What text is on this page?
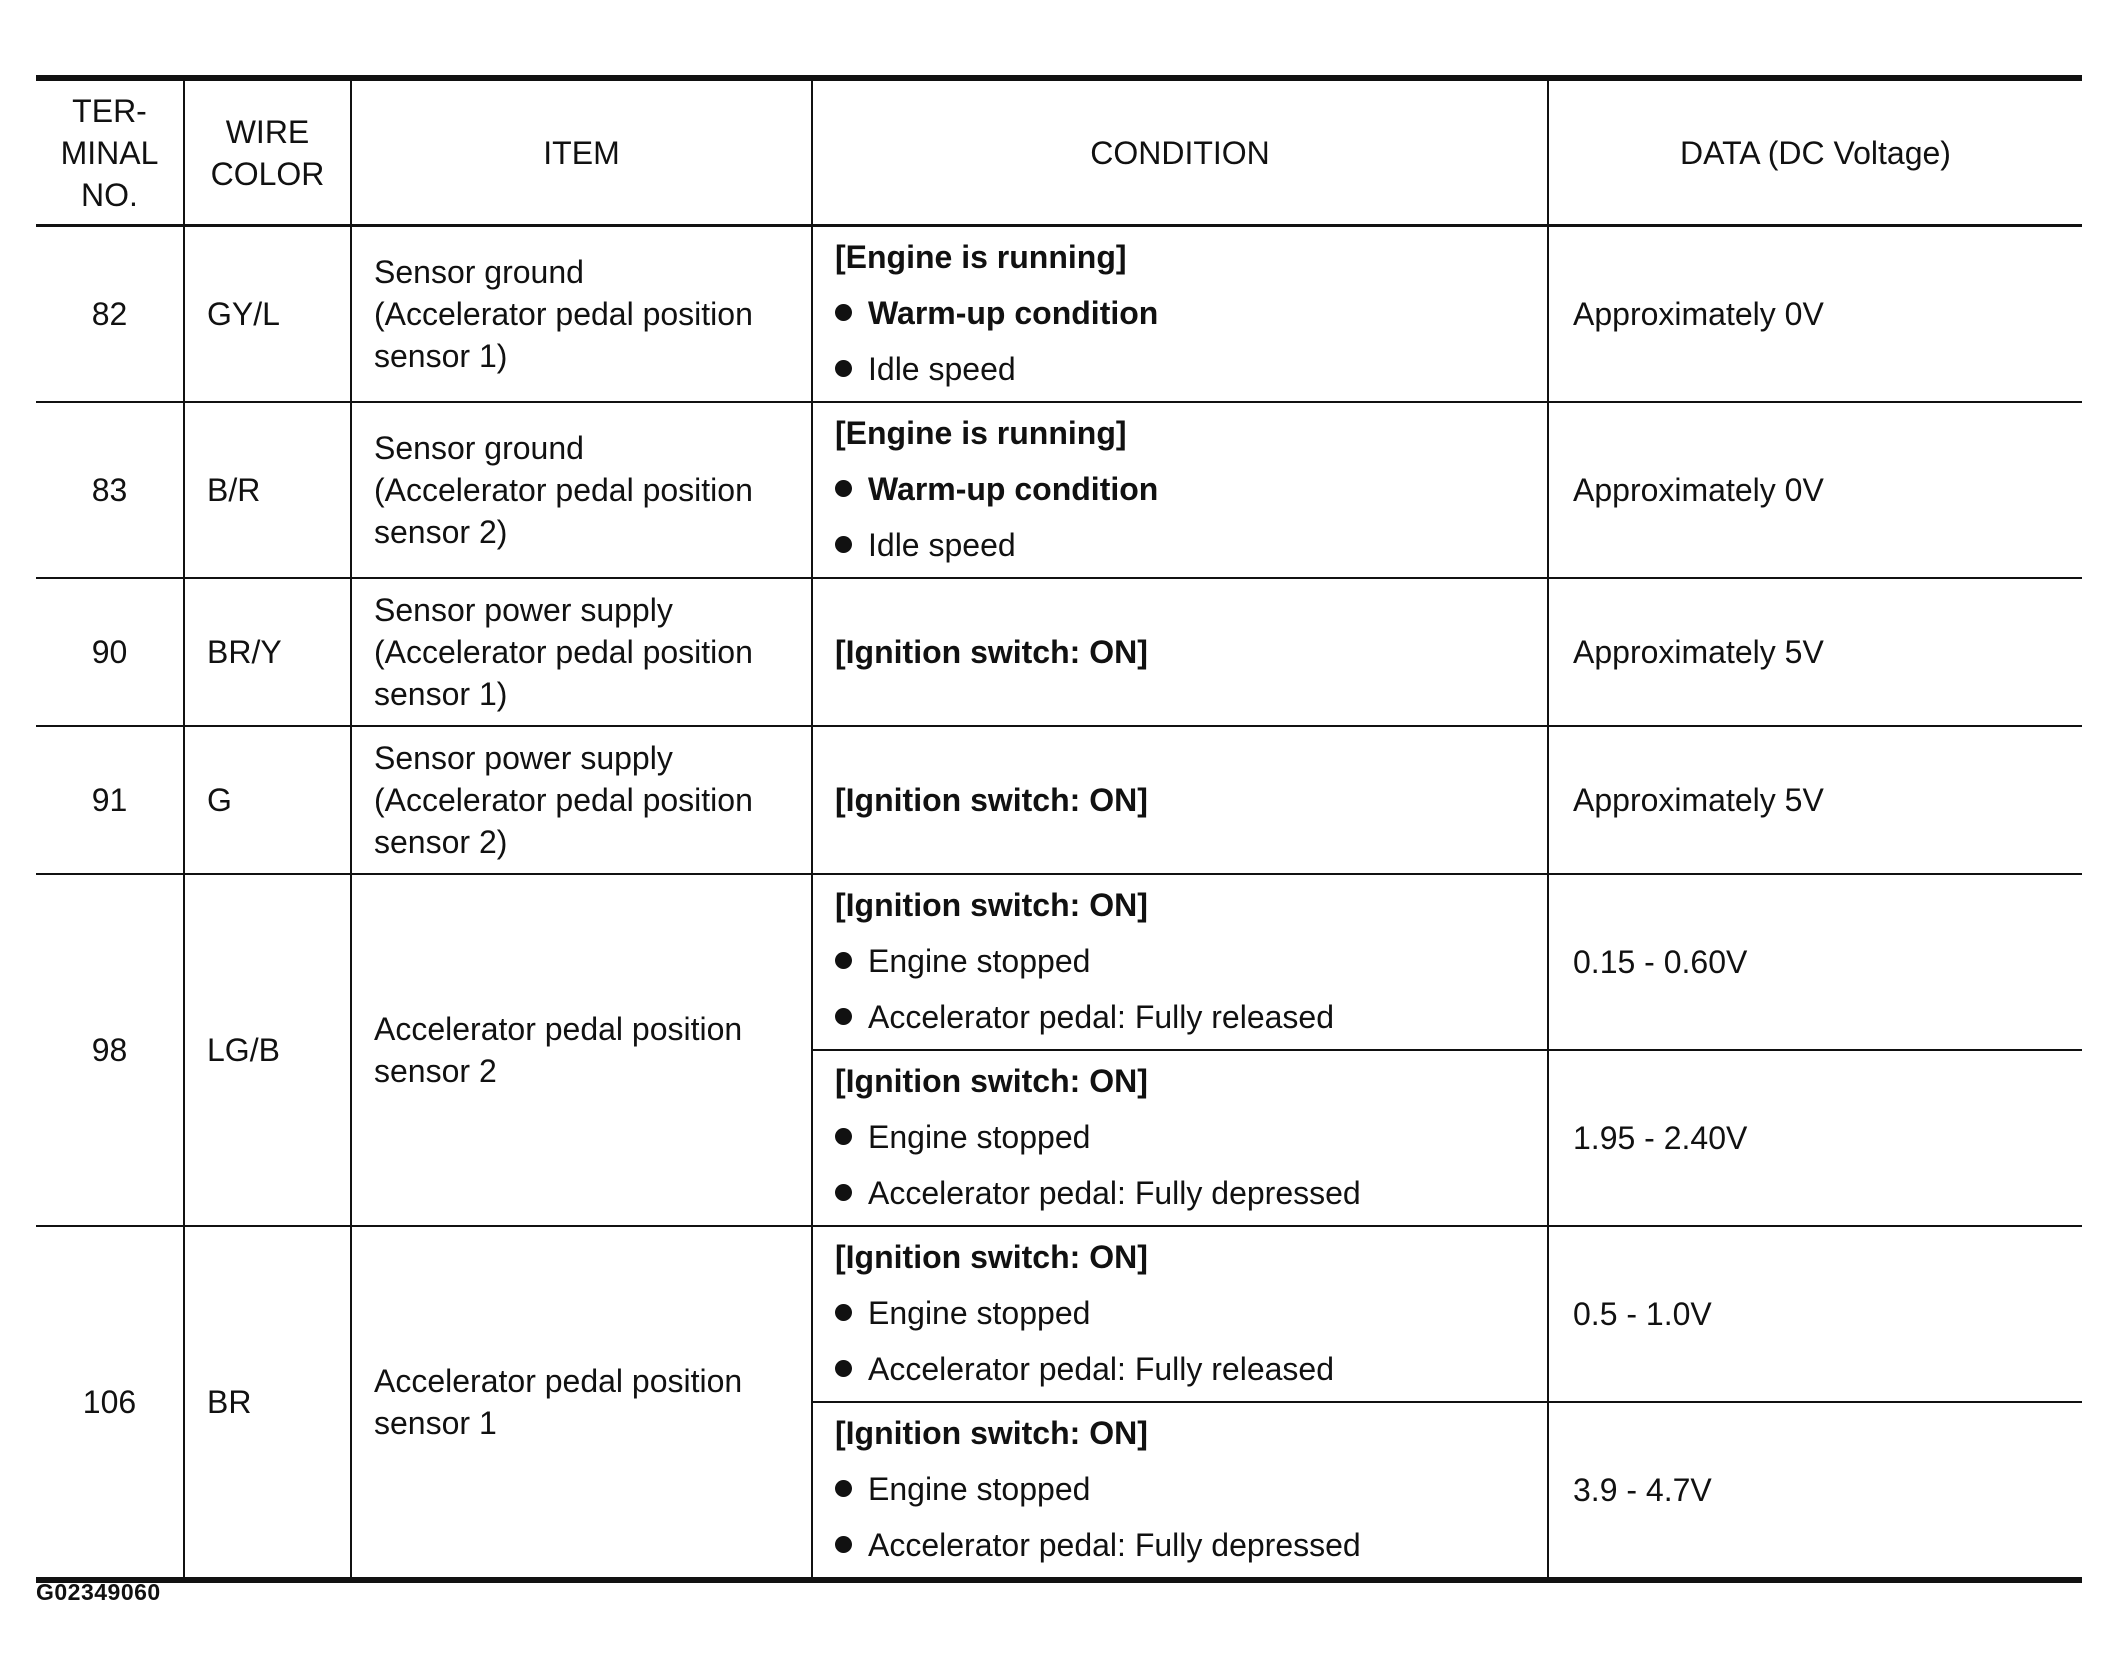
TER-
MINAL
NO.	WIRE
COLOR	ITEM	CONDITION	DATA (DC Voltage)
82	GY/L	Sensor ground
(Accelerator pedal position
sensor 1)	[Engine is running]
Warm-up condition
Idle speed	Approximately 0V
83	B/R	Sensor ground
(Accelerator pedal position
sensor 2)	[Engine is running]
Warm-up condition
Idle speed	Approximately 0V
90	BR/Y	Sensor power supply
(Accelerator pedal position
sensor 1)	[Ignition switch: ON]	Approximately 5V
91	G	Sensor power supply
(Accelerator pedal position
sensor 2)	[Ignition switch: ON]	Approximately 5V
98	LG/B	Accelerator pedal position
sensor 2	[Ignition switch: ON]
Engine stopped
Accelerator pedal: Fully released	0.15 - 0.60V

			[Ignition switch: ON]
Engine stopped
Accelerator pedal: Fully depressed	1.95 - 2.40V
106	BR	Accelerator pedal position
sensor 1	[Ignition switch: ON]
Engine stopped
Accelerator pedal: Fully released	0.5 - 1.0V

			[Ignition switch: ON]
Engine stopped
Accelerator pedal: Fully depressed	3.9 - 4.7V
G02349060
